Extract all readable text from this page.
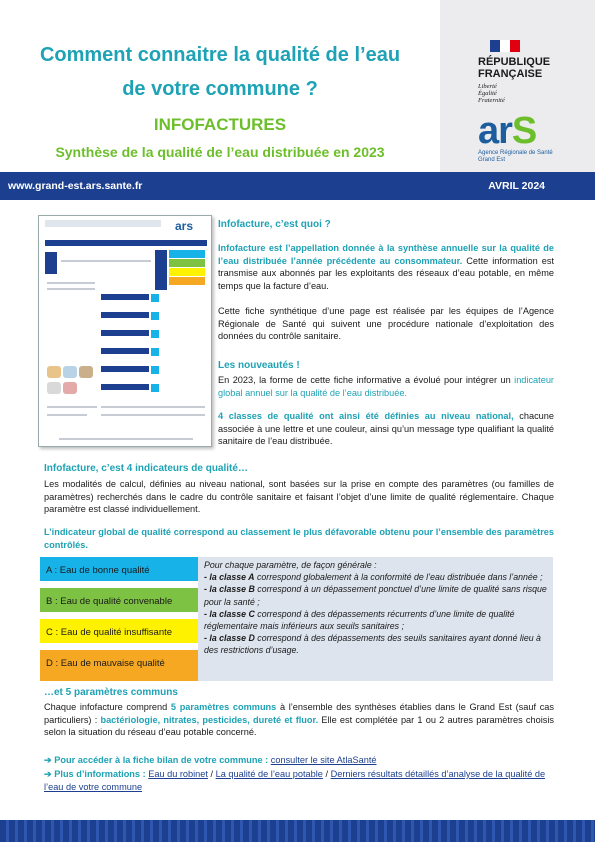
Comment connaitre la qualité de l’eau
de votre commune ?
INFOFACTURES
Synthèse de la qualité de l’eau distribuée en 2023
RÉPUBLIQUE
FRANÇAISE
Liberté
Égalité
Fraternité
arS
Agence Régionale de Santé
Grand Est
www.grand-est.ars.sante.fr	AVRIL 2024
ars	Infofacture, c’est quoi ?
Infofacture est l’appellation donnée à la synthèse annuelle sur la qualité de l’eau distribuée l’année précédente au consommateur. Cette information est transmise aux abonnés par les exploitants des réseaux d’eau potable, en même temps que la facture d’eau.
Cette fiche synthétique d’une page est réalisée par les équipes de l’Agence Régionale de Santé qui suivent une procédure nationale d’exploitation des données du contrôle sanitaire.
Les nouveautés !
En 2023, la forme de cette fiche informative a évolué pour intégrer un indicateur global annuel sur la qualité de l’eau distribuée.
4 classes de qualité ont ainsi été définies au niveau national, chacune associée à une lettre et une couleur, ainsi qu’un message type qualifiant la qualité sanitaire de l’eau distribuée.
Infofacture, c’est 4 indicateurs de qualité…
Les modalités de calcul, définies au niveau national, sont basées sur la prise en compte des paramètres (ou familles de paramètres) recherchés dans le cadre du contrôle sanitaire et faisant l’objet d’une limite de qualité réglementaire. Chaque paramètre est classé individuellement.
L’indicateur global de qualité correspond au classement le plus défavorable obtenu pour l’ensemble des paramètres contrôlés.
A : Eau de bonne qualité
B : Eau de qualité convenable
C : Eau de qualité insuffisante
D : Eau de mauvaise qualité
Pour chaque paramètre, de façon générale :
- la classe A correspond globalement à la conformité de l’eau distribuée dans l’année ;
- la classe B correspond à un dépassement ponctuel d’une limite de qualité sans risque pour la santé ;
- la classe C correspond à des dépassements récurrents d’une limite de qualité réglementaire mais inférieurs aux seuils sanitaires ;
- la classe D correspond à des dépassements des seuils sanitaires ayant donné lieu à des restrictions d’usage.
…et 5 paramètres communs
Chaque infofacture comprend 5 paramètres communs à l’ensemble des synthèses établies dans le Grand Est (sauf cas particuliers) : bactériologie, nitrates, pesticides, dureté et fluor. Elle est complétée par 1 ou 2 autres paramètres choisis selon la situation du réseau d’eau potable concerné.
➔ Pour accéder à la fiche bilan de votre commune : consulter le site AtlaSanté
➔ Plus d’informations : Eau du robinet / La qualité de l’eau potable / Derniers résultats détaillés d’analyse de la qualité de l’eau de votre commune
